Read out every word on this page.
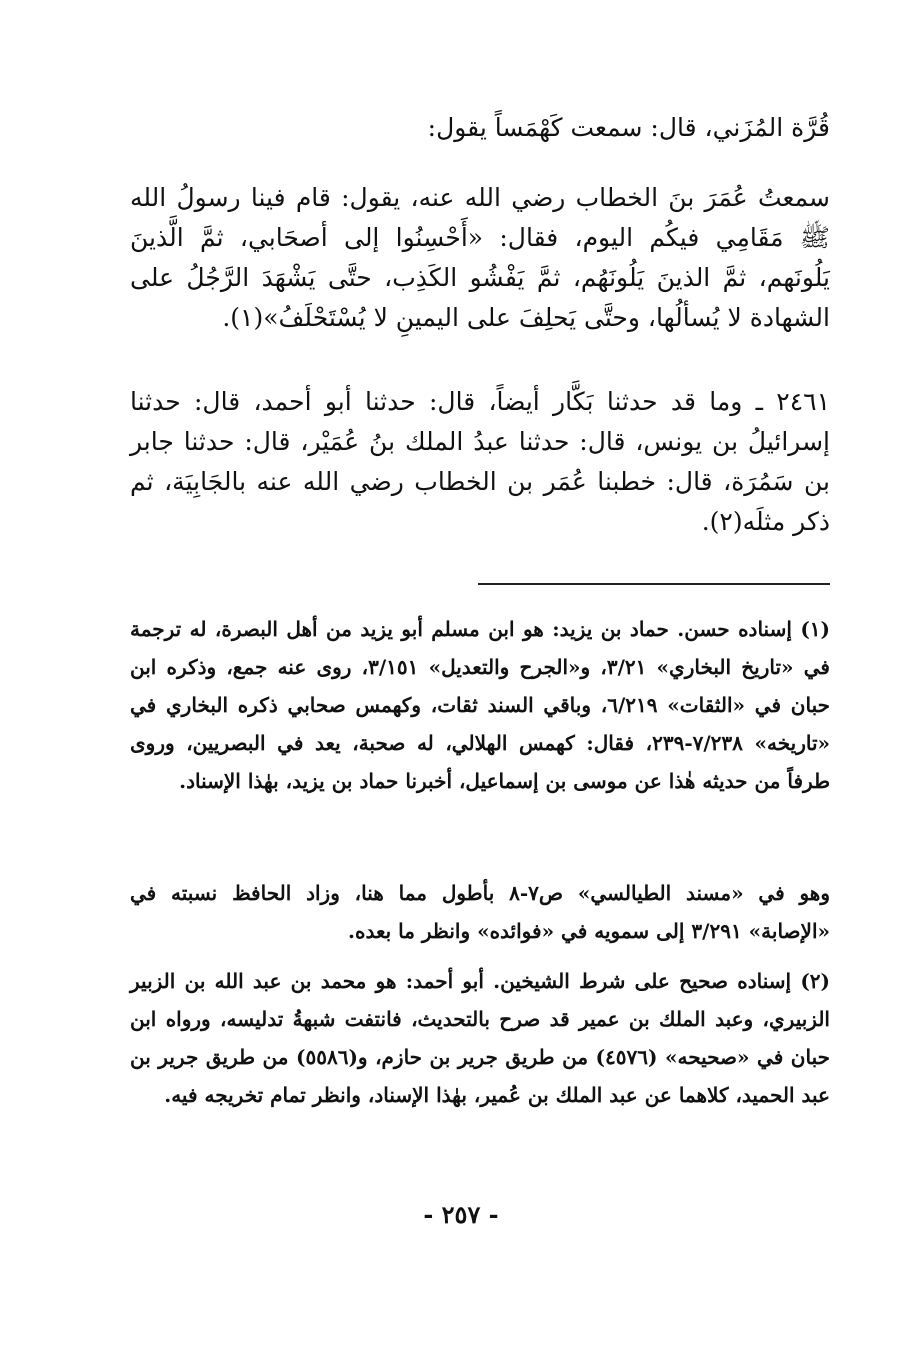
قُرَّة المُزَني، قال: سمعت كَهْمَساً يقول:

سمعتُ عُمَرَ بنَ الخطاب رضي الله عنه، يقول: قام فينا رسولُ الله ﷺ مَقَامِي فيكُم اليوم، فقال: «أَحْسِنُوا إلى أصحَابي، ثمَّ الَّذينَ يَلُونَهم، ثمَّ الذينَ يَلُونَهُم، ثمَّ يَفْشُو الكَذِب، حتَّى يَشْهَدَ الرَّجُلُ على الشهادة لا يُسألُها، وحتَّى يَحلِفَ على اليمينِ لا يُسْتَحْلَفُ»(١).

٢٤٦١ ـ وما قد حدثنا بَكَّار أيضاً، قال: حدثنا أبو أحمد، قال: حدثنا إسرائيلُ بن يونس، قال: حدثنا عبدُ الملك بنُ عُمَيْر، قال: حدثنا جابر بن سَمُرَة، قال: خطبنا عُمَر بن الخطاب رضي الله عنه بالجَابِيَة، ثم ذكر مثلَه(٢).

(١) إسناده حسن. حماد بن يزيد: هو ابن مسلم أبو يزيد من أهل البصرة، له ترجمة في «تاريخ البخاري» ٣/٢١، و«الجرح والتعديل» ٣/١٥١، روى عنه جمع، وذكره ابن حبان في «الثقات» ٦/٢١٩، وباقي السند ثقات، وكهمس صحابي ذكره البخاري في «تاريخه» ٧/٢٣٨-٢٣٩، فقال: كهمس الهلالي، له صحبة، يعد في البصريين، وروى طرفاً من حديثه هٰذا عن موسى بن إسماعيل، أخبرنا حماد بن يزيد، بهٰذا الإسناد.

وهو في «مسند الطيالسي» ص٧-٨ بأطول مما هنا، وزاد الحافظ نسبته في «الإصابة» ٣/٢٩١ إلى سمويه في «فوائده» وانظر ما بعده.

(٢) إسناده صحيح على شرط الشيخين. أبو أحمد: هو محمد بن عبد الله بن الزبير الزبيري، وعبد الملك بن عمير قد صرح بالتحديث، فانتفت شبهةُ تدليسه، ورواه ابن حبان في «صحيحه» (٤٥٧٦) من طريق جرير بن حازم، و(٥٥٨٦) من طريق جرير بن عبد الحميد، كلاهما عن عبد الملك بن عُمير، بهٰذا الإسناد، وانظر تمام تخريجه فيه.

- ٢٥٧ -
